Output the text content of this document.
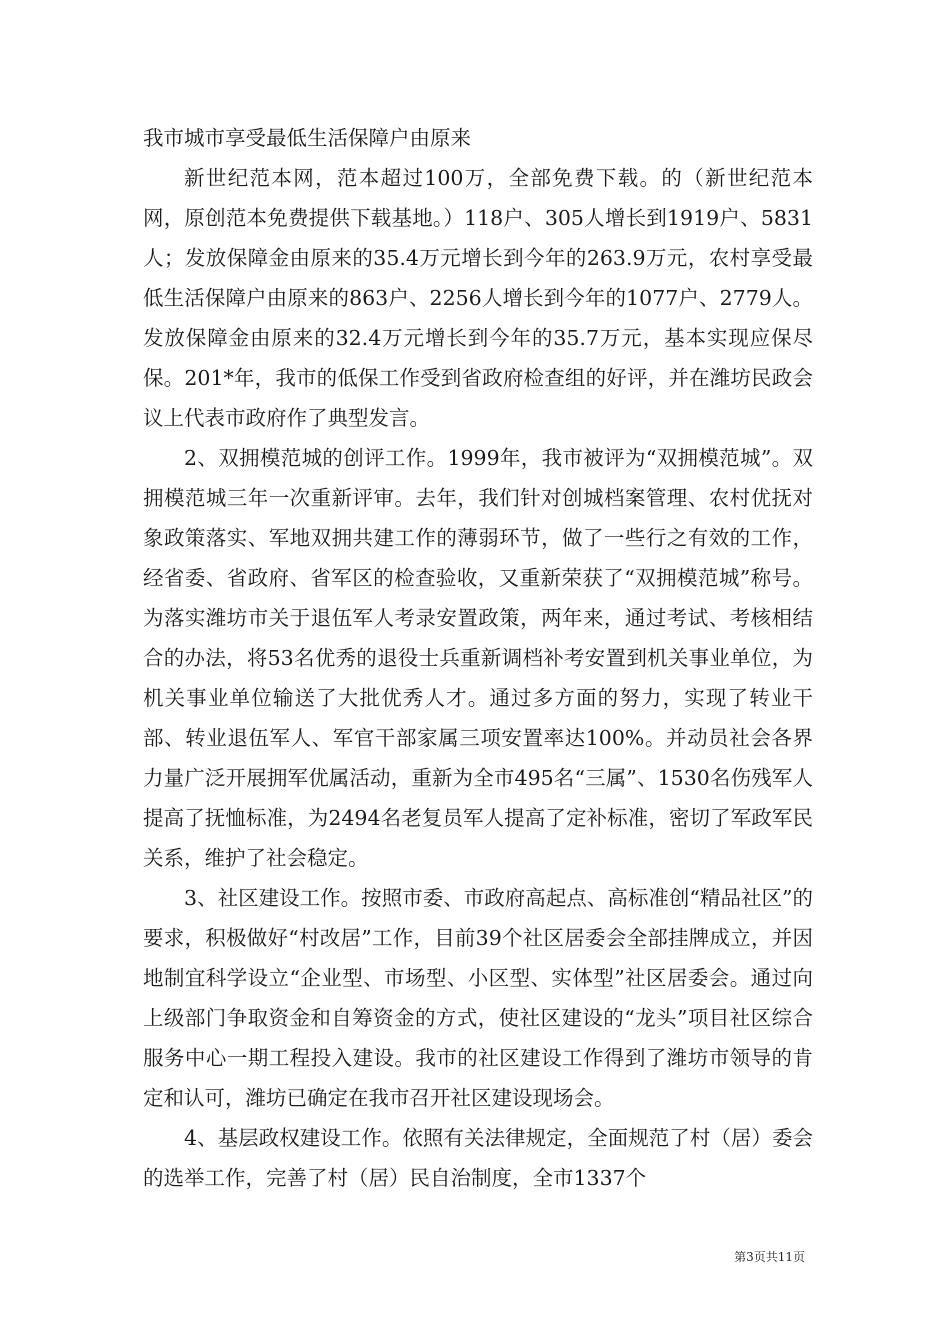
我市城市享受最低生活保障户由原来

新世纪范本网，范本超过100万，全部免费下载。的（新世纪范本网，原创范本免费提供下载基地。）118户、305人增长到1919户、5831人；发放保障金由原来的35.4万元增长到今年的263.9万元，农村享受最低生活保障户由原来的863户、2256人增长到今年的1077户、2779人。发放保障金由原来的32.4万元增长到今年的35.7万元，基本实现应保尽保。201*年，我市的低保工作受到省政府检查组的好评，并在潍坊民政会议上代表市政府作了典型发言。

2、双拥模范城的创评工作。1999年，我市被评为“双拥模范城”。双拥模范城三年一次重新评审。去年，我们针对创城档案管理、农村优抚对象政策落实、军地双拥共建工作的薄弱环节，做了一些行之有效的工作，经省委、省政府、省军区的检查验收，又重新荣获了“双拥模范城”称号。为落实潍坊市关于退伍军人考录安置政策，两年来，通过考试、考核相结合的办法，将53名优秀的退役士兵重新调档补考安置到机关事业单位，为机关事业单位输送了大批优秀人才。通过多方面的努力，实现了转业干部、转业退伍军人、军官干部家属三项安置率达100%。并动员社会各界力量广泛开展拥军优属活动，重新为全市495名“三属”、1530名伤残军人提高了抚恤标准，为2494名老复员军人提高了定补标准，密切了军政军民关系，维护了社会稳定。

3、社区建设工作。按照市委、市政府高起点、高标准创“精品社区”的要求，积极做好“村改居”工作，目前39个社区居委会全部挂牌成立，并因地制宜科学设立“企业型、市场型、小区型、实体型”社区居委会。通过向上级部门争取资金和自筹资金的方式，使社区建设的“龙头”项目社区综合服务中心一期工程投入建设。我市的社区建设工作得到了潍坊市领导的肯定和认可，潍坊已确定在我市召开社区建设现场会。

4、基层政权建设工作。依照有关法律规定，全面规范了村（居）委会的选举工作，完善了村（居）民自治制度，全市1337个

第3页共11页
